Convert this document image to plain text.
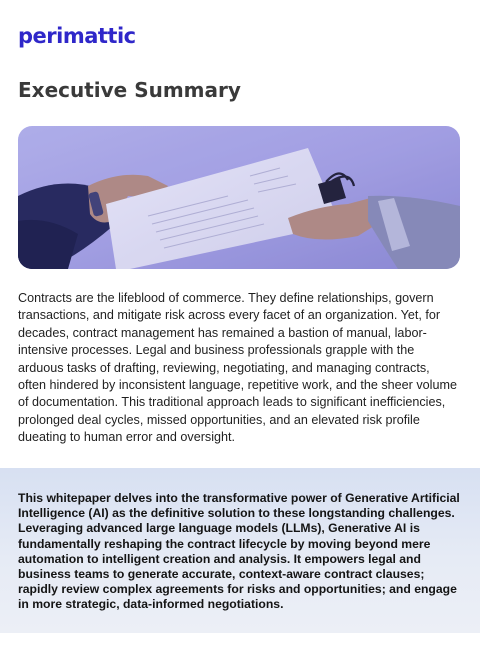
perimattic
Executive Summary

Contracts are the lifeblood of commerce. They define relationships, govern transactions, and mitigate risk across every facet of an organization. Yet, for decades, contract management has remained a bastion of manual, labor-intensive processes. Legal and business professionals grapple with the arduous tasks of drafting, reviewing, negotiating, and managing contracts, often hindered by inconsistent language, repetitive work, and the sheer volume of documentation. This traditional approach leads to significant inefficiencies, prolonged deal cycles, missed opportunities, and an elevated risk profile dueating to human error and oversight.

This whitepaper delves into the transformative power of Generative Artificial Intelligence (AI) as the definitive solution to these longstanding challenges. Leveraging advanced large language models (LLMs), Generative AI is fundamentally reshaping the contract lifecycle by moving beyond mere automation to intelligent creation and analysis. It empowers legal and business teams to generate accurate, context-aware contract clauses; rapidly review complex agreements for risks and opportunities; and engage in more strategic, data-informed negotiations.
